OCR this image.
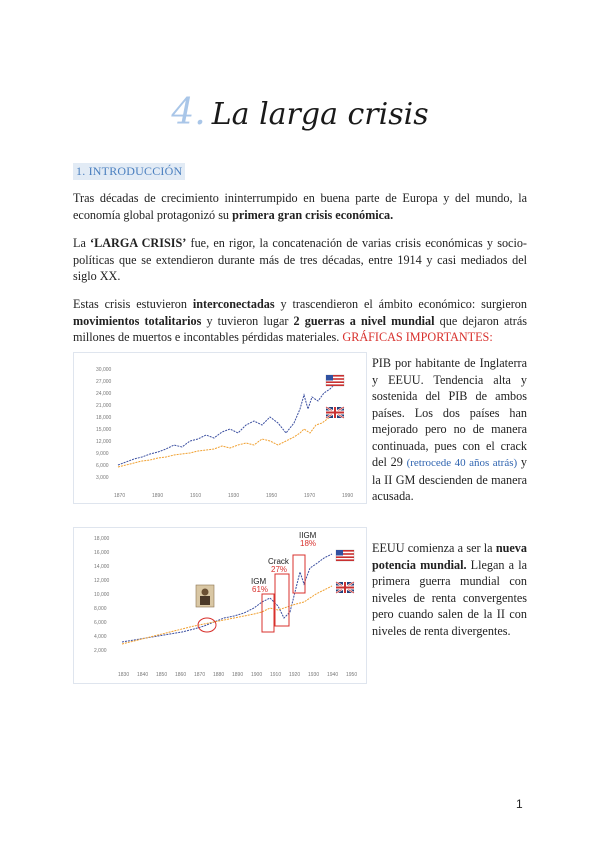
4. La larga crisis
1. INTRODUCCIÓN
Tras décadas de crecimiento ininterrumpido en buena parte de Europa y del mundo, la economía global protagonizó su primera gran crisis económica.
La ‘LARGA CRISIS’ fue, en rigor, la concatenación de varias crisis económicas y socio-políticas que se extendieron durante más de tres décadas, entre 1914 y casi mediados del siglo XX.
Estas crisis estuvieron interconectadas y trascendieron el ámbito económico: surgieron movimientos totalitarios y tuvieron lugar 2 guerras a nivel mundial que dejaron atrás millones de muertos e incontables pérdidas materiales. GRÁFICAS IMPORTANTES:
30,000
27,000
24,000
21,000
18,000
15,000
12,000
9,000
6,000
3,000
1870	1890	1910	1930	1950	1970	1990
PIB por habitante de Inglaterra y EEUU. Tendencia alta y sostenida del PIB de ambos países. Los dos países han mejorado pero no de manera continuada, pues con el crack del 29 (retrocede 40 años atrás) y la II GM descienden de manera acusada.
18,000
16,000
14,000
12,000
10,000
8,000
6,000
4,000
2,000
1830 1840 1850 1860 1870 1880 1890 1900 1910 1920 1930 1940 1950
IGM
61%
Crack
27%
IIGM
18%	EEUU comienza a ser la nueva potencia mundial. Llegan a la primera guerra mundial con niveles de renta convergentes pero cuando salen de la II con niveles de renta divergentes.
1
